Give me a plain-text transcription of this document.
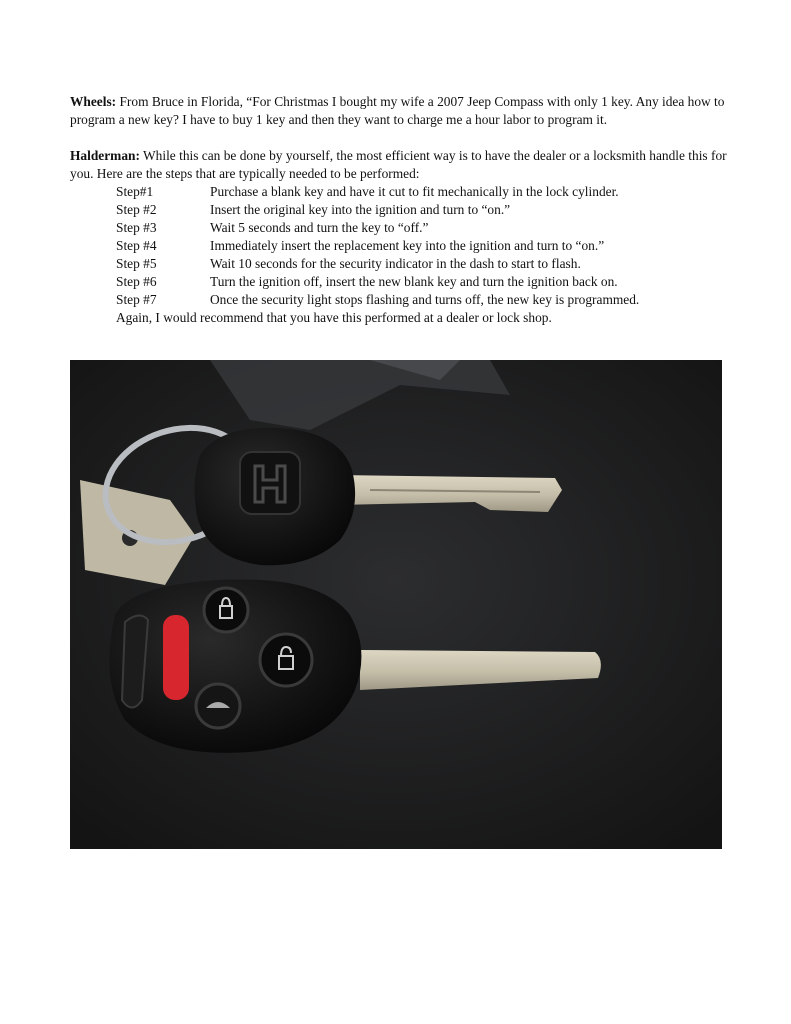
Wheels: From Bruce in Florida, “For Christmas I bought my wife a 2007 Jeep Compass with only 1 key. Any idea how to program a new key? I have to buy 1 key and then they want to charge me a hour labor to program it.

Halderman: While this can be done by yourself, the most efficient way is to have the dealer or a locksmith handle this for you. Here are the steps that are typically needed to be performed:
Step#1	Purchase a blank key and have it cut to fit mechanically in the lock cylinder.
Step #2	Insert the original key into the ignition and turn to “on.”
Step #3	Wait 5 seconds and turn the key to “off.”
Step #4	Immediately insert the replacement key into the ignition and turn to “on.”
Step #5	Wait 10 seconds for the security indicator in the dash to start to flash.
Step #6	Turn the ignition off, insert the new blank key and turn the ignition back on.
Step #7	Once the security light stops flashing and turns off, the new key is programmed.
Again, I would recommend that you have this performed at a dealer or lock shop.
